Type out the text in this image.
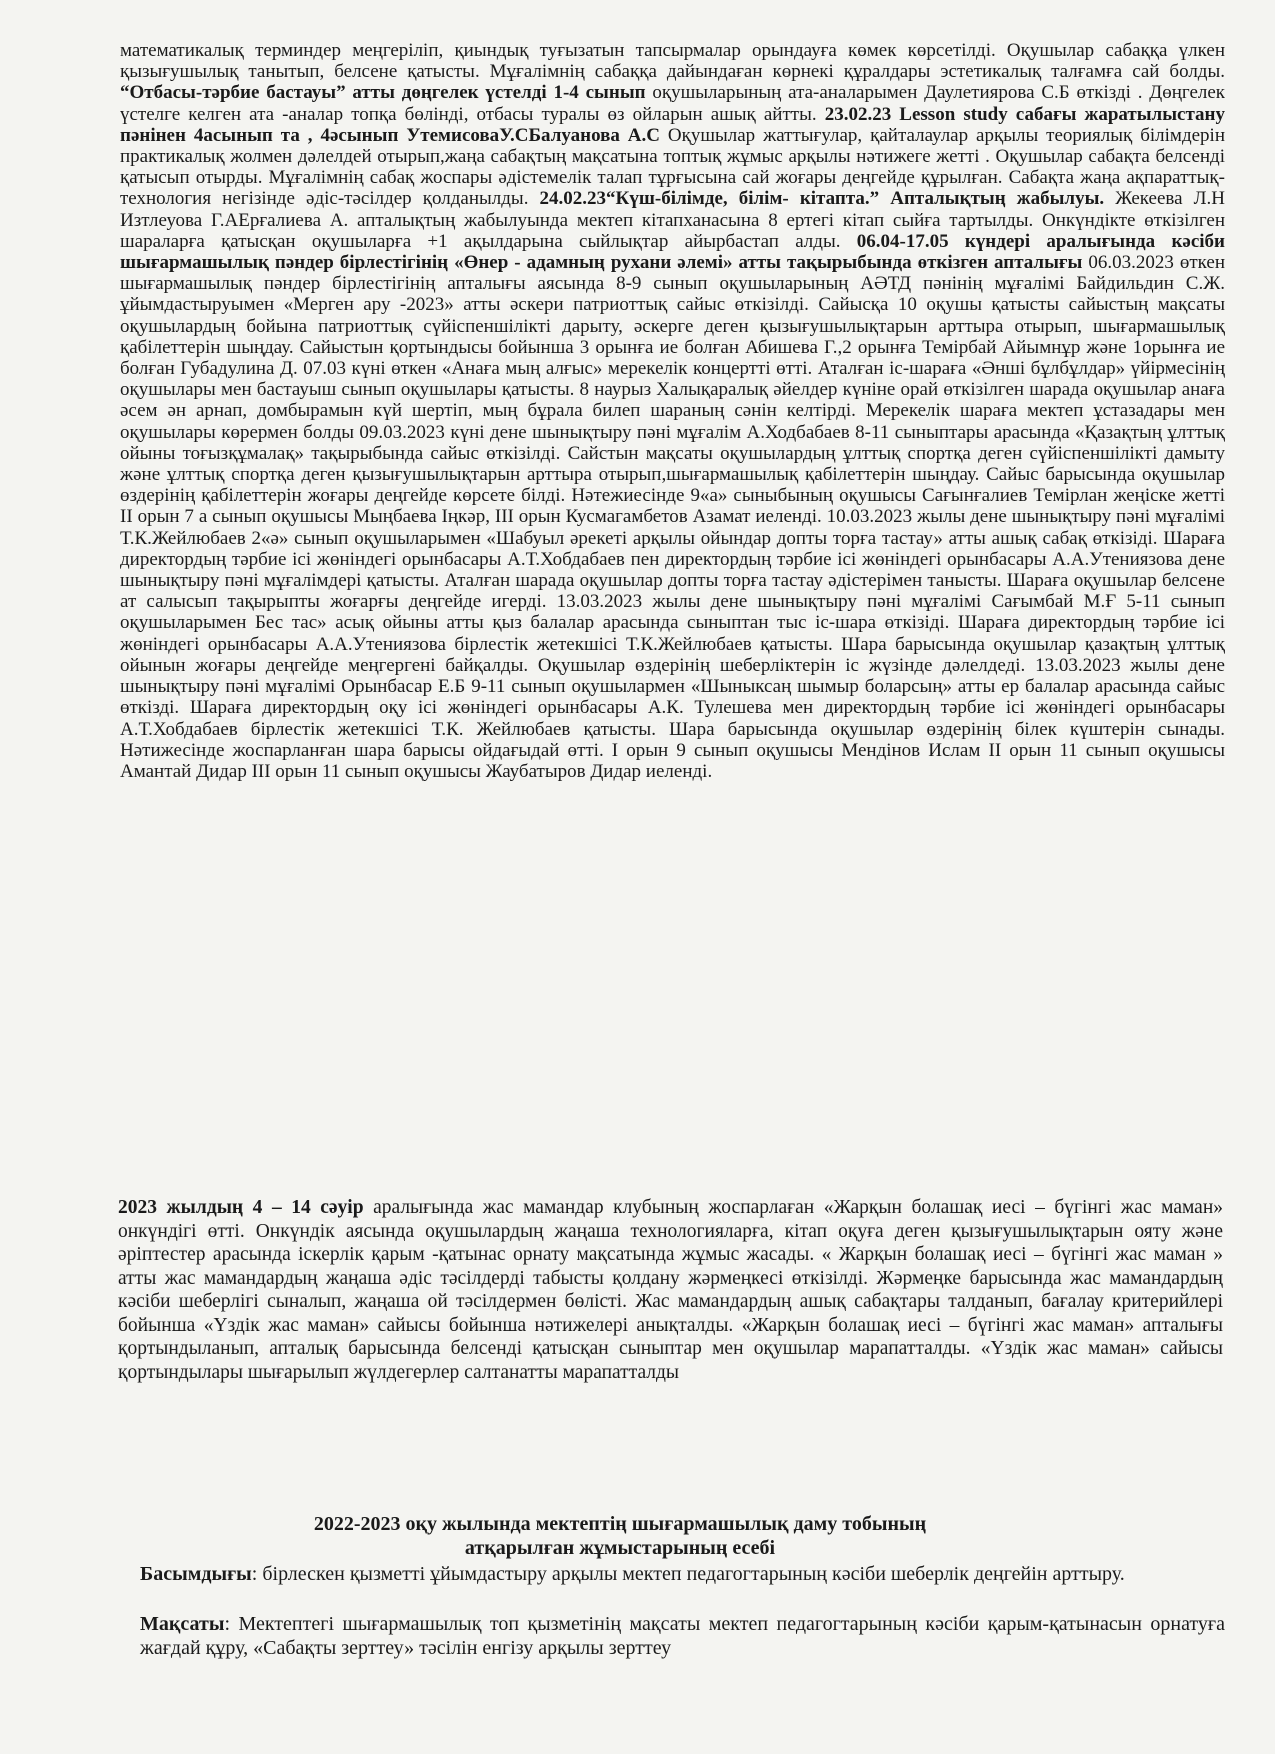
математикалық терминдер меңгеріліп, қиындық туғызатын тапсырмалар орындауға көмек көрсетілді. Оқушылар сабаққа үлкен қызығушылық танытып, белсене қатысты. Мұғалімнің сабаққа дайындаған көрнекі құралдары эстетикалық талғамға сай болды. “Отбасы-тәрбие бастауы” атты дөңгелек үстелді 1-4 сынып оқушыларының ата-аналарымен Даулетиярова С.Б өткізді . Дөңгелек үстелге келген ата -аналар топқа бөлінді, отбасы туралы өз ойларын ашық айтты. 23.02.23 Lesson study сабағы жаратылыстану пәнінен 4асынып та , 4әсынып УтемисоваУ.СБалуанова А.С Оқушылар жаттығулар, қайталаулар арқылы теориялық білімдерін практикалық жолмен дәлелдей отырып,жаңа сабақтың мақсатына топтық жұмыс арқылы нәтижеге жетті . Оқушылар сабақта белсенді қатысып отырды. Мұғалімнің сабақ жоспары әдістемелік талап тұрғысына сай жоғары деңгейде құрылған. Сабақта жаңа ақпараттық- технология негізінде әдіс-тәсілдер қолданылды. 24.02.23“Күш-білімде, білім- кітапта.” Апталықтың жабылуы. Жекеева Л.Н Изтлеуова Г.АЕрғалиева А. апталықтың жабылуында мектеп кітапханасына 8 ертегі кітап сыйға тартылды. Онкүндікте өткізілген шараларға қатысқан оқушыларға +1 ақылдарына сыйлықтар айырбастап алды. 06.04-17.05 күндері аралығында кәсіби шығармашылық пәндер бірлестігінің «Өнер - адамның рухани әлемі» атты тақырыбында өткізген апталығы 06.03.2023 өткен шығармашылық пәндер бірлестігінің апталығы аясында 8-9 сынып оқушыларының АӘТД пәнінің мұғалімі Байдильдин С.Ж. ұйымдастыруымен «Мерген ару -2023» атты әскери патриоттық сайыс өткізілді. Сайысқа 10 оқушы қатысты сайыстың мақсаты оқушылардың бойына патриоттық сүйіспеншілікті дарыту, әскерге деген қызығушылықтарын арттыра отырып, шығармашылық қабілеттерін шыңдау. Сайыстын қортындысы бойынша 3 орынға ие болған Абишева Г.,2 орынға Темірбай Айымнұр және 1орынға ие болған Губадулина Д. 07.03 күні өткен «Анаға мың алғыс» мерекелік концертті өтті. Аталған іс-шараға «Әнші бұлбұлдар» үйірмесінің оқушылары мен бастауыш сынып оқушылары қатысты. 8 наурыз Халықаралық әйелдер күніне орай өткізілген шарада оқушылар анаға әсем ән арнап, домбырамын күй шертіп, мың бұрала билеп шараның сәнін келтірді. Мерекелік шараға мектеп ұстазадары мен оқушылары көрермен болды 09.03.2023 күні дене шынықтыру пәні мұғалім А.Ходбабаев 8-11 сыныптары арасында «Қазақтың ұлттық ойыны тоғызқұмалақ» тақырыбында сайыс өткізілді. Сайстын мақсаты оқушылардың ұлттық спортқа деген сүйіспеншілікті дамыту және ұлттық спортқа деген қызығушылықтарын арттыра отырып,шығармашылық қабілеттерін шыңдау. Сайыс барысында оқушылар өздерінің қабілеттерін жоғары деңгейде көрсете білді. Нәтежиесінде 9«а» сыныбының оқушысы Сағынғалиев Темірлан жеңіске жетті ІІ орын 7 а сынып оқушысы Мыңбаева Іңкәр, ІІІ орын Кусмагамбетов Азамат иеленді. 10.03.2023 жылы дене шынықтыру пәні мұғалімі Т.К.Жейлюбаев 2«ә» сынып оқушыларымен «Шабуыл әрекеті арқылы ойындар допты торға тастау» атты ашық сабақ өткізіді. Шараға директордың тәрбие ісі жөніндегі орынбасары А.Т.Хобдабаев пен директордың тәрбие ісі жөніндегі орынбасары А.А.Утениязова дене шынықтыру пәні мұғалімдері қатысты. Аталған шарада оқушылар допты торға тастау әдістерімен танысты. Шараға оқушылар белсене ат салысып тақырыпты жоғарғы деңгейде игерді. 13.03.2023 жылы дене шынықтыру пәні мұғалімі Сағымбай М.Ғ 5-11 сынып оқушыларымен Бес тас» асық ойыны атты қыз балалар арасында сыныптан тыс іс-шара өткізіді. Шараға директордың тәрбие ісі жөніндегі орынбасары А.А.Утениязова бірлестік жетекшісі Т.К.Жейлюбаев қатысты. Шара барысында оқушылар қазақтың ұлттық ойынын жоғары деңгейде меңгергені байқалды. Оқушылар өздерінің шеберліктерін іс жүзінде дәлелдеді. 13.03.2023 жылы дене шынықтыру пәні мұғалімі Орынбасар Е.Б 9-11 сынып оқушылармен «Шыныксаң шымыр боларсың» атты ер балалар арасында сайыс өткізді. Шараға директордың оқу ісі жөніндегі орынбасары А.К. Тулешева мен директордың тәрбие ісі жөніндегі орынбасары А.Т.Хобдабаев бірлестік жетекшісі Т.К. Жейлюбаев қатысты. Шара барысында оқушылар өздерінің білек күштерін сынады. Нәтижесінде жоспарланған шара барысы ойдағыдай өтті. І орын 9 сынып оқушысы Мендінов Ислам ІІ орын 11 сынып оқушысы Амантай Дидар ІІІ орын 11 сынып оқушысы Жаубатыров Дидар иеленді.

2023 жылдың 4 – 14 сәуір аралығында жас мамандар клубының жоспарлаған «Жарқын болашақ иесі – бүгінгі жас маман» онкүндігі өтті. Онкүндік аясында оқушылардың жаңаша технологияларға, кітап оқуға деген қызығушылықтарын ояту және әріптестер арасында іскерлік қарым -қатынас орнату мақсатында жұмыс жасады. « Жарқын болашақ иесі – бүгінгі жас маман » атты жас мамандардың жаңаша әдіс тәсілдерді табысты қолдану жәрмеңкесі өткізілді. Жәрмеңке барысында жас мамандардың кәсіби шеберлігі сыналып, жаңаша ой тәсілдермен бөлісті. Жас мамандардың ашық сабақтары талданып, бағалау критерийлері бойынша «Үздік жас маман» сайысы бойынша нәтижелері анықталды. «Жарқын болашақ иесі – бүгінгі жас маман» апталығы қортындыланып, апталық барысында белсенді қатысқан сыныптар мен оқушылар марапатталды. «Үздік жас маман» сайысы қортындылары шығарылып жүлдегерлер салтанатты марапатталды

2022-2023 оқу жылында мектептің шығармашылық даму тобының
атқарылған жұмыстарының есебі

Басымдығы: бірлескен қызметті ұйымдастыру арқылы мектеп педагогтарының кәсіби шеберлік деңгейін арттыру.

Мақсаты: Мектептегі шығармашылық топ қызметінің мақсаты мектеп педагогтарының кәсіби қарым-қатынасын орнатуға жағдай құру, «Сабақты зерттеу» тәсілін енгізу арқылы зерттеу
